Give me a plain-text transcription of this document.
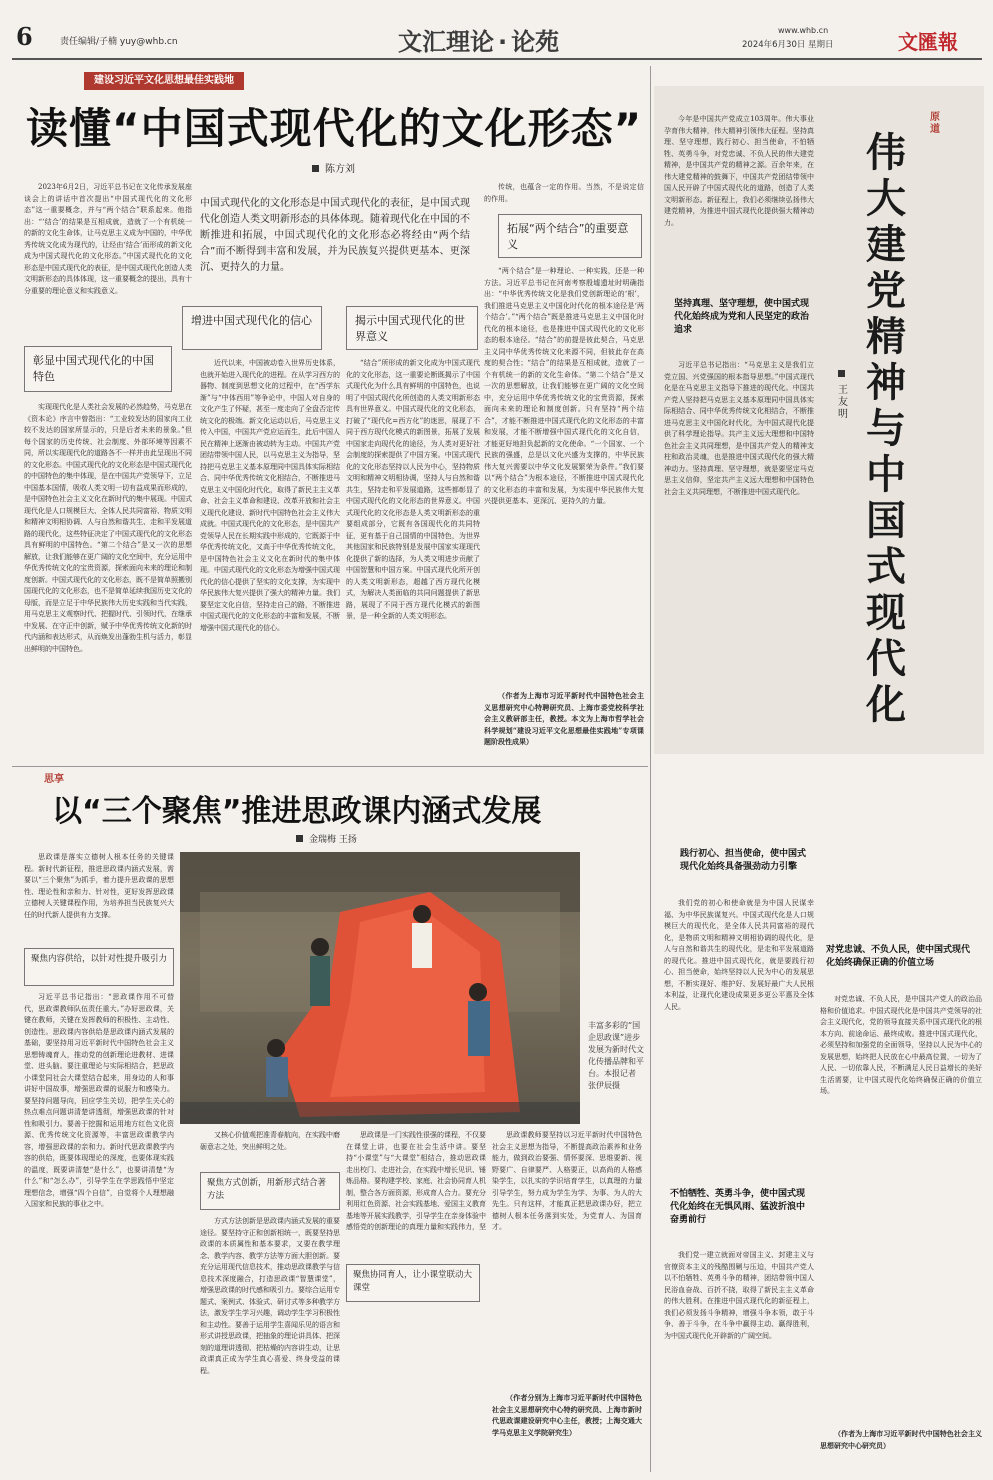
6	责任编辑/子楠 yuy@whb.cn	文汇理论 · 论苑	www.whb.cn
2024年6月30日 星期日	文匯報
建设习近平文化思想最佳实践地
读懂“中国式现代化的文化形态”
陈方刘
2023年6月2日，习近平总书记在文化传承发展座谈会上的讲话中首次提出“中国式现代化的文化形态”这一重要概念，并与“两个结合”联系起来。他指出：“‘结合’的结果是互相成就，造就了一个有机统一的新的文化生命体，让马克思主义成为中国的，中华优秀传统文化成为现代的，让经由‘结合’而形成的新文化成为中国式现代化的文化形态。”中国式现代化的文化形态是中国式现代化的表征，是中国式现代化创造人类文明新形态的具体体现，这一重要概念的提出，具有十分重要的理论意义和实践意义。
中国式现代化的文化形态是中国式现代化的表征，是中国式现代化创造人类文明新形态的具体体现。随着现代化在中国的不断推进和拓展，中国式现代化的文化形态必将经由“两个结合”而不断得到丰富和发展，并为民族复兴提供更基本、更深沉、更持久的力量。
彰显中国式现代化的中国特色
实现现代化是人类社会发展的必然趋势，马克思在《资本论》序言中曾指出：“工业较发达的国家向工业较不发达的国家所显示的，只是后者未来的景象。”但每个国家的历史传统、社会制度、外部环境等因素不同，所以实现现代化的道路各不一样并由此呈现出不同的文化形态。中国式现代化的文化形态是中国式现代化的中国特色的集中体现，是在中国共产党领导下，立足中国基本国情，吸收人类文明一切有益成果而形成的，是中国特色社会主义文化在新时代的集中展现。中国式现代化是人口规模巨大、全体人民共同富裕、物质文明和精神文明相协调、人与自然和谐共生、走和平发展道路的现代化，这些特征决定了中国式现代化的文化形态具有鲜明的中国特色。“第二个结合”是又一次的思想解放，让我们能够在更广阔的文化空间中，充分运用中华优秀传统文化的宝贵资源，探索面向未来的理论和制度创新。中国式现代化的文化形态，既不是简单照搬别国现代化的文化形态，也不是简单延续我国历史文化的母版，而是立足于中华民族伟大历史实践和当代实践，用马克思主义观察时代、把握时代、引领时代，在继承中发展、在守正中创新，赋予中华优秀传统文化新的时代内涵和表达形式，从而焕发出蓬勃生机与活力，彰显出鲜明的中国特色。
增进中国式现代化的信心
近代以来，中国被动卷入世界历史体系，也就开始进入现代化的进程。在从学习西方的器物、制度到思想文化的过程中，在“西学东渐”与“中体西用”等争论中，中国人对自身的文化产生了怀疑，甚至一度走向了全盘否定传统文化的极端。新文化运动以后，马克思主义传入中国，中国共产党应运而生，此后中国人民在精神上逐渐由被动转为主动。中国共产党团结带领中国人民，以马克思主义为指导，坚持把马克思主义基本原理同中国具体实际相结合、同中华优秀传统文化相结合，不断推进马克思主义中国化时代化，取得了新民主主义革命、社会主义革命和建设、改革开放和社会主义现代化建设、新时代中国特色社会主义伟大成就。中国式现代化的文化形态，是中国共产党领导人民在长期实践中形成的，它既源于中华优秀传统文化，又高于中华优秀传统文化，是中国特色社会主义文化在新时代的集中体现。中国式现代化的文化形态为增强中国式现代化的信心提供了坚实的文化支撑，为实现中华民族伟大复兴提供了强大的精神力量。我们要坚定文化自信，坚持走自己的路，不断推进中国式现代化的文化形态的丰富和发展，不断增强中国式现代化的信心。
揭示中国式现代化的世界意义
“结合”所形成的新文化成为中国式现代化的文化形态，这一重要论断既揭示了中国式现代化为什么具有鲜明的中国特色，也说明了中国式现代化所创造的人类文明新形态具有世界意义。中国式现代化的文化形态，打破了“现代化=西方化”的迷思，展现了不同于西方现代化模式的新图景，拓展了发展中国家走向现代化的途径，为人类对更好社会制度的探索提供了中国方案。中国式现代化的文化形态坚持以人民为中心，坚持物质文明和精神文明相协调，坚持人与自然和谐共生，坚持走和平发展道路，这些都彰显了中国式现代化的文化形态的世界意义。中国式现代化的文化形态是人类文明新形态的重要组成部分，它既有各国现代化的共同特征，更有基于自己国情的中国特色，为世界其他国家和民族特别是发展中国家实现现代化提供了新的选择，为人类文明进步贡献了中国智慧和中国方案。中国式现代化所开创的人类文明新形态，超越了西方现代化模式，为解决人类面临的共同问题提供了新思路，展现了不同于西方现代化模式的新图景，是一种全新的人类文明形态。
传统，也蕴含一定的作用。当然，不是说定信的作用。
拓展“两个结合”的重要意义
“两个结合”是一种理论、一种实践，还是一种方法。习近平总书记在河南考察殷墟遗址时明确指出：“中华优秀传统文化是我们党创新理论的‘根’，我们推进马克思主义中国化时代化的根本途径是‘两个结合’。”“两个结合”既是推进马克思主义中国化时代化的根本途径，也是推进中国式现代化的文化形态的根本途径。“结合”的前提是彼此契合，马克思主义同中华优秀传统文化来源不同，但彼此存在高度的契合性；“结合”的结果是互相成就，造就了一个有机统一的新的文化生命体。“第二个结合”是又一次的思想解放，让我们能够在更广阔的文化空间中，充分运用中华优秀传统文化的宝贵资源，探索面向未来的理论和制度创新。只有坚持“两个结合”，才能不断推进中国式现代化的文化形态的丰富和发展，才能不断增强中国式现代化的文化自信，才能更好地担负起新的文化使命。“一个国家、一个民族的强盛，总是以文化兴盛为支撑的，中华民族伟大复兴需要以中华文化发展繁荣为条件。”我们要以“两个结合”为根本途径，不断推进中国式现代化的文化形态的丰富和发展，为实现中华民族伟大复兴提供更基本、更深沉、更持久的力量。
（作者为上海市习近平新时代中国特色社会主义思想研究中心特聘研究员、上海市委党校科学社会主义教研部主任，教授。本文为上海市哲学社会科学规划“建设习近平文化思想最佳实践地”专项课题阶段性成果）
思享
以“三个聚焦”推进思政课内涵式发展
金瑞梅 王扬
思政课是落实立德树人根本任务的关键课程。新时代新征程，推进思政课内涵式发展，需要以“三个聚焦”为抓手，着力提升思政课的思想性、理论性和亲和力、针对性，更好发挥思政课立德树人关键课程作用，为培养担当民族复兴大任的时代新人提供有力支撑。
聚焦内容供给，以针对性提升吸引力
习近平总书记指出：“思政课作用不可替代，思政课教师队伍责任重大。”办好思政课，关键在教师，关键在发挥教师的积极性、主动性、创造性。思政课内容供给是思政课内涵式发展的基础，要坚持用习近平新时代中国特色社会主义思想铸魂育人，推动党的创新理论进教材、进课堂、进头脑。要注重理论与实际相结合，把思政小课堂同社会大课堂结合起来，用身边的人和事讲好中国故事，增强思政课的说服力和感染力。要坚持问题导向，回应学生关切，把学生关心的热点难点问题讲清楚讲透彻，增强思政课的针对性和吸引力。要善于挖掘和运用地方红色文化资源、优秀传统文化资源等，丰富思政课教学内容，增强思政课的亲和力。新时代思政课教学内容的供给，既要体现理论的深度，也要体现实践的温度，既要讲清楚“是什么”，也要讲清楚“为什么”和“怎么办”，引导学生在学思践悟中坚定理想信念，增强“四个自信”，自觉将个人理想融入国家和民族的事业之中。
丰富多彩的“国企思政课”进步发展为新时代文化传播品牌和平台。本报记者 张伊辰摄
又核心价值观把准青春航向，在实践中磨砺意志之处，突出鲜明之处。
聚焦方式创新，用新形式结合著方法
方式方法创新是思政课内涵式发展的重要途径。要坚持守正和创新相统一，既要坚持思政课的本质属性和基本要求，又要在教学理念、教学内容、教学方法等方面大胆创新。要充分运用现代信息技术，推动思政课教学与信息技术深度融合，打造思政课“智慧课堂”，增强思政课的时代感和吸引力。要综合运用专题式、案例式、体验式、研讨式等多种教学方法，激发学生学习兴趣，调动学生学习积极性和主动性。要善于运用学生喜闻乐见的语言和形式讲授思政课，把抽象的理论讲具体、把深刻的道理讲透彻、把枯燥的内容讲生动，让思政课真正成为学生真心喜爱、终身受益的课程。
思政课是一门实践性很强的课程，不仅要在课堂上讲，也要在社会生活中讲。要坚持“小课堂”与“大课堂”相结合，推动思政课走出校门、走进社会，在实践中增长见识、锤炼品格。要构建学校、家庭、社会协同育人机制，整合各方面资源，形成育人合力。要充分利用红色资源、社会实践基地、爱国主义教育基地等开展实践教学，引导学生在亲身体验中感悟党的创新理论的真理力量和实践伟力，坚
聚焦协同育人，让小课堂联动大课堂
思政课教师要坚持以习近平新时代中国特色社会主义思想为指导，不断提高政治素养和业务能力，做到政治要强、情怀要深、思维要新、视野要广、自律要严、人格要正，以高尚的人格感染学生，以扎实的学识培育学生，以真理的力量引导学生，努力成为学生为学、为事、为人的大先生。只有这样，才能真正把思政课办好，把立德树人根本任务落到实处，为党育人、为国育才。
（作者分别为上海市习近平新时代中国特色社会主义思想研究中心特约研究员、上海市新时代思政课建设研究中心主任，教授；上海交通大学马克思主义学院研究生）
原道
伟大建党精神与中国式现代化
王友明
今年是中国共产党成立103周年。伟大事业孕育伟大精神，伟大精神引领伟大征程。坚持真理、坚守理想，践行初心、担当使命，不怕牺牲、英勇斗争，对党忠诚、不负人民的伟大建党精神，是中国共产党的精神之源。百余年来，在伟大建党精神的鼓舞下，中国共产党团结带领中国人民开辟了中国式现代化的道路，创造了人类文明新形态。新征程上，我们必须继续弘扬伟大建党精神，为推进中国式现代化提供强大精神动力。
坚持真理、坚守理想，使中国式现代化始终成为党和人民坚定的政治追求
习近平总书记指出：“马克思主义是我们立党立国、兴党强国的根本指导思想。”中国式现代化是在马克思主义指导下推进的现代化。中国共产党人坚持把马克思主义基本原理同中国具体实际相结合、同中华优秀传统文化相结合，不断推进马克思主义中国化时代化，为中国式现代化提供了科学理论指导。共产主义远大理想和中国特色社会主义共同理想，是中国共产党人的精神支柱和政治灵魂，也是推进中国式现代化的强大精神动力。坚持真理、坚守理想，就是要坚定马克思主义信仰，坚定共产主义远大理想和中国特色社会主义共同理想，不断推进中国式现代化。
践行初心、担当使命，使中国式现代化始终具备强劲动力引擎
我们党的初心和使命就是为中国人民谋幸福、为中华民族谋复兴。中国式现代化是人口规模巨大的现代化，是全体人民共同富裕的现代化，是物质文明和精神文明相协调的现代化，是人与自然和谐共生的现代化，是走和平发展道路的现代化。推进中国式现代化，就是要践行初心、担当使命，始终坚持以人民为中心的发展思想，不断实现好、维护好、发展好最广大人民根本利益，让现代化建设成果更多更公平惠及全体人民。
不怕牺牲、英勇斗争，使中国式现代化始终在无惧风雨、猛波折浪中奋勇前行
我们党一建立就面对帝国主义、封建主义与官僚资本主义的残酷围剿与压迫，中国共产党人以不怕牺牲、英勇斗争的精神，团结带领中国人民浴血奋战、百折不挠，取得了新民主主义革命的伟大胜利。在推进中国式现代化的新征程上，我们必须发扬斗争精神，增强斗争本领，敢于斗争、善于斗争，在斗争中赢得主动、赢得胜利，为中国式现代化开辟新的广阔空间。
对党忠诚、不负人民，使中国式现代化始终确保正确的价值立场
对党忠诚、不负人民，是中国共产党人的政治品格和价值追求。中国式现代化是中国共产党领导的社会主义现代化，党的领导直接关系中国式现代化的根本方向、前途命运、最终成败。推进中国式现代化，必须坚持和加强党的全面领导，坚持以人民为中心的发展思想，始终把人民放在心中最高位置，一切为了人民、一切依靠人民，不断满足人民日益增长的美好生活需要，让中国式现代化始终确保正确的价值立场。
（作者为上海市习近平新时代中国特色社会主义思想研究中心研究员）
